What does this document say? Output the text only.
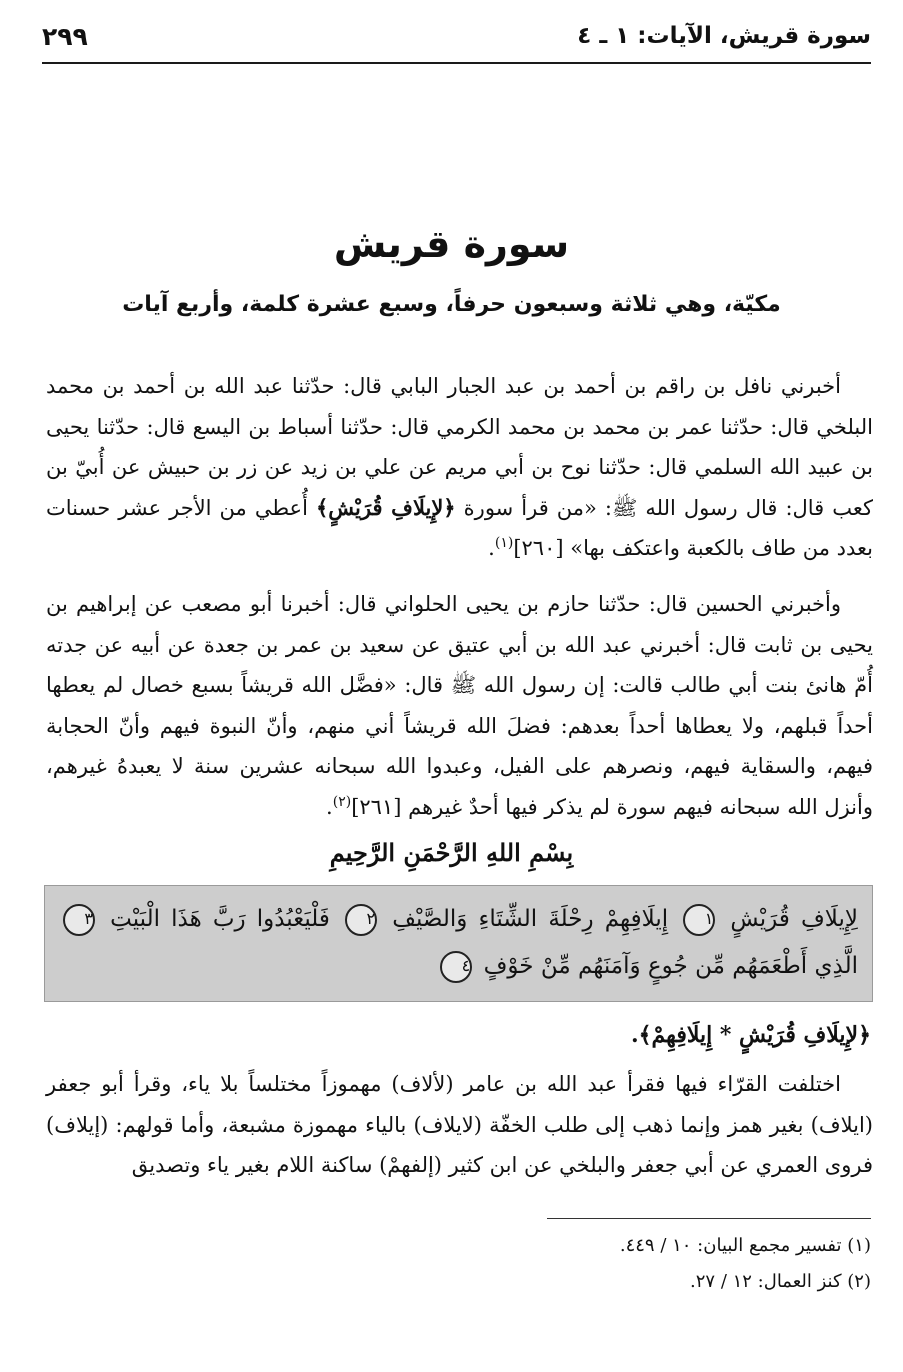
سورة قريش، الآيات: ١ ـ ٤
٢٩٩
سورة قريش
مكيّة، وهي ثلاثة وسبعون حرفاً، وسبع عشرة كلمة، وأربع آيات

أخبرني نافل بن راقم بن أحمد بن عبد الجبار البابي قال: حدّثنا عبد الله بن أحمد بن محمد البلخي قال: حدّثنا عمر بن محمد بن محمد الكرمي قال: حدّثنا أسباط بن اليسع قال: حدّثنا يحيى بن عبيد الله السلمي قال: حدّثنا نوح بن أبي مريم عن علي بن زيد عن زر بن حبيش عن أُبيّ بن كعب قال: قال رسول الله ﷺ: «من قرأ سورة ﴿لإِيلَافِ قُرَيْشٍ﴾ أُعطي من الأجر عشر حسنات بعدد من طاف بالكعبة واعتكف بها» [٢٦٠]$^{(١)}$.

وأخبرني الحسين قال: حدّثنا حازم بن يحيى الحلواني قال: أخبرنا أبو مصعب عن إبراهيم بن يحيى بن ثابت قال: أخبرني عبد الله بن أبي عتيق عن سعيد بن عمر بن جعدة عن أبيه عن جدته أُمّ هانئ بنت أبي طالب قالت: إن رسول الله ﷺ قال: «فضَّل الله قريشاً بسبع خصال لم يعطها أحداً قبلهم، ولا يعطاها أحداً بعدهم: فضلَ الله قريشاً أني منهم، وأنّ النبوة فيهم وأنّ الحجابة فيهم، والسقاية فيهم، ونصرهم على الفيل، وعبدوا الله سبحانه عشرين سنة لا يعبدهُ غيرهم، وأنزل الله سبحانه فيهم سورة لم يذكر فيها أحدٌ غيرهم [٢٦١]$^{(٢)}$.

بِسْمِ اللهِ الرَّحْمَنِ الرَّحِيمِ
لِإِيلَافِ قُرَيْشٍ ١ إِيلَافِهِمْ رِحْلَةَ الشِّتَاءِ وَالصَّيْفِ ٢ فَلْيَعْبُدُوا رَبَّ هَذَا الْبَيْتِ ٣ الَّذِي أَطْعَمَهُم مِّن جُوعٍ وَآمَنَهُم مِّنْ خَوْفٍ ٤
﴿لإِيلَافِ قُرَيْشٍ * إِيلَافِهِمْ﴾.

اختلفت القرّاء فيها فقرأ عبد الله بن عامر (لألاف) مهموزاً مختلساً بلا ياء، وقرأ أبو جعفر (ايلاف) بغير همز وإنما ذهب إلى طلب الخفّة (لايلاف) بالياء مهموزة مشبعة، وأما قولهم: (إيلاف) فروى العمري عن أبي جعفر والبلخي عن ابن كثير (إلفهمْ) ساكنة اللام بغير ياء وتصديق

(١) تفسير مجمع البيان: ١٠ / ٤٤٩.
(٢) كنز العمال: ١٢ / ٢٧.
